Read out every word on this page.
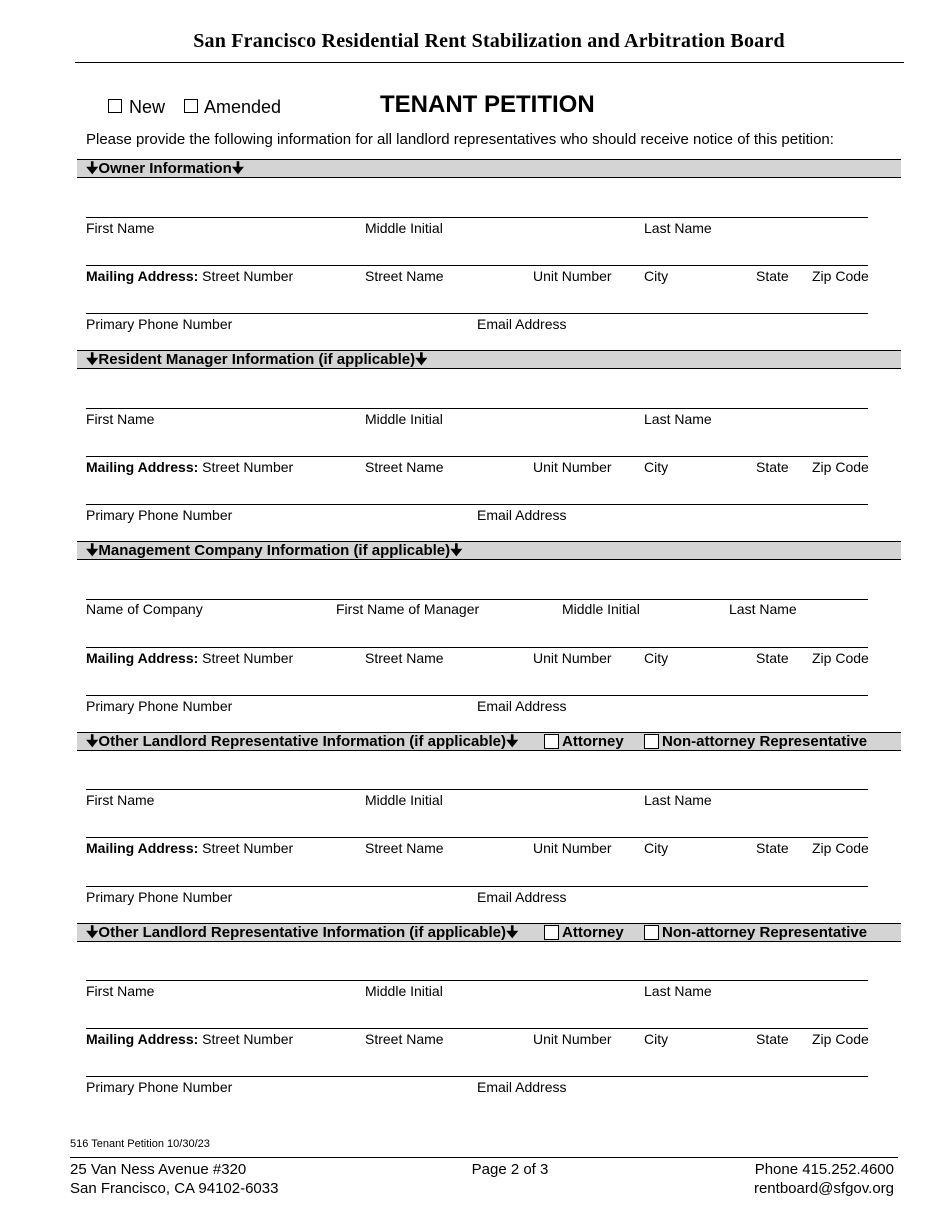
San Francisco Residential Rent Stabilization and Arbitration Board
New Amended	TENANT PETITION
Please provide the following information for all landlord representatives who should receive notice of this petition:
🠋Owner Information🠋
First Name	Middle Initial	Last Name
Mailing Address: Street Number	Street Name	Unit Number City	State Zip Code
Primary Phone Number	Email Address
🠋Resident Manager Information (if applicable)🠋
First Name	Middle Initial	Last Name
Mailing Address: Street Number	Street Name	Unit Number City	State Zip Code
Primary Phone Number	Email Address
🠋Management Company Information (if applicable)🠋
Name of Company	First Name of Manager	Middle Initial	Last Name
Mailing Address: Street Number	Street Name	Unit Number City	State Zip Code
Primary Phone Number	Email Address
🠋Other Landlord Representative Information (if applicable)🠋	Attorney	Non-attorney Representative
First Name	Middle Initial	Last Name
Mailing Address: Street Number	Street Name	Unit Number City	State Zip Code
Primary Phone Number	Email Address
🠋Other Landlord Representative Information (if applicable)🠋	Attorney	Non-attorney Representative
First Name	Middle Initial	Last Name
Mailing Address: Street Number	Street Name	Unit Number City	State Zip Code
Primary Phone Number	Email Address
516 Tenant Petition 10/30/23
25 Van Ness Avenue #320
San Francisco, CA 94102-6033
Page 2 of 3	Phone 415.252.4600
rentboard@sfgov.org
